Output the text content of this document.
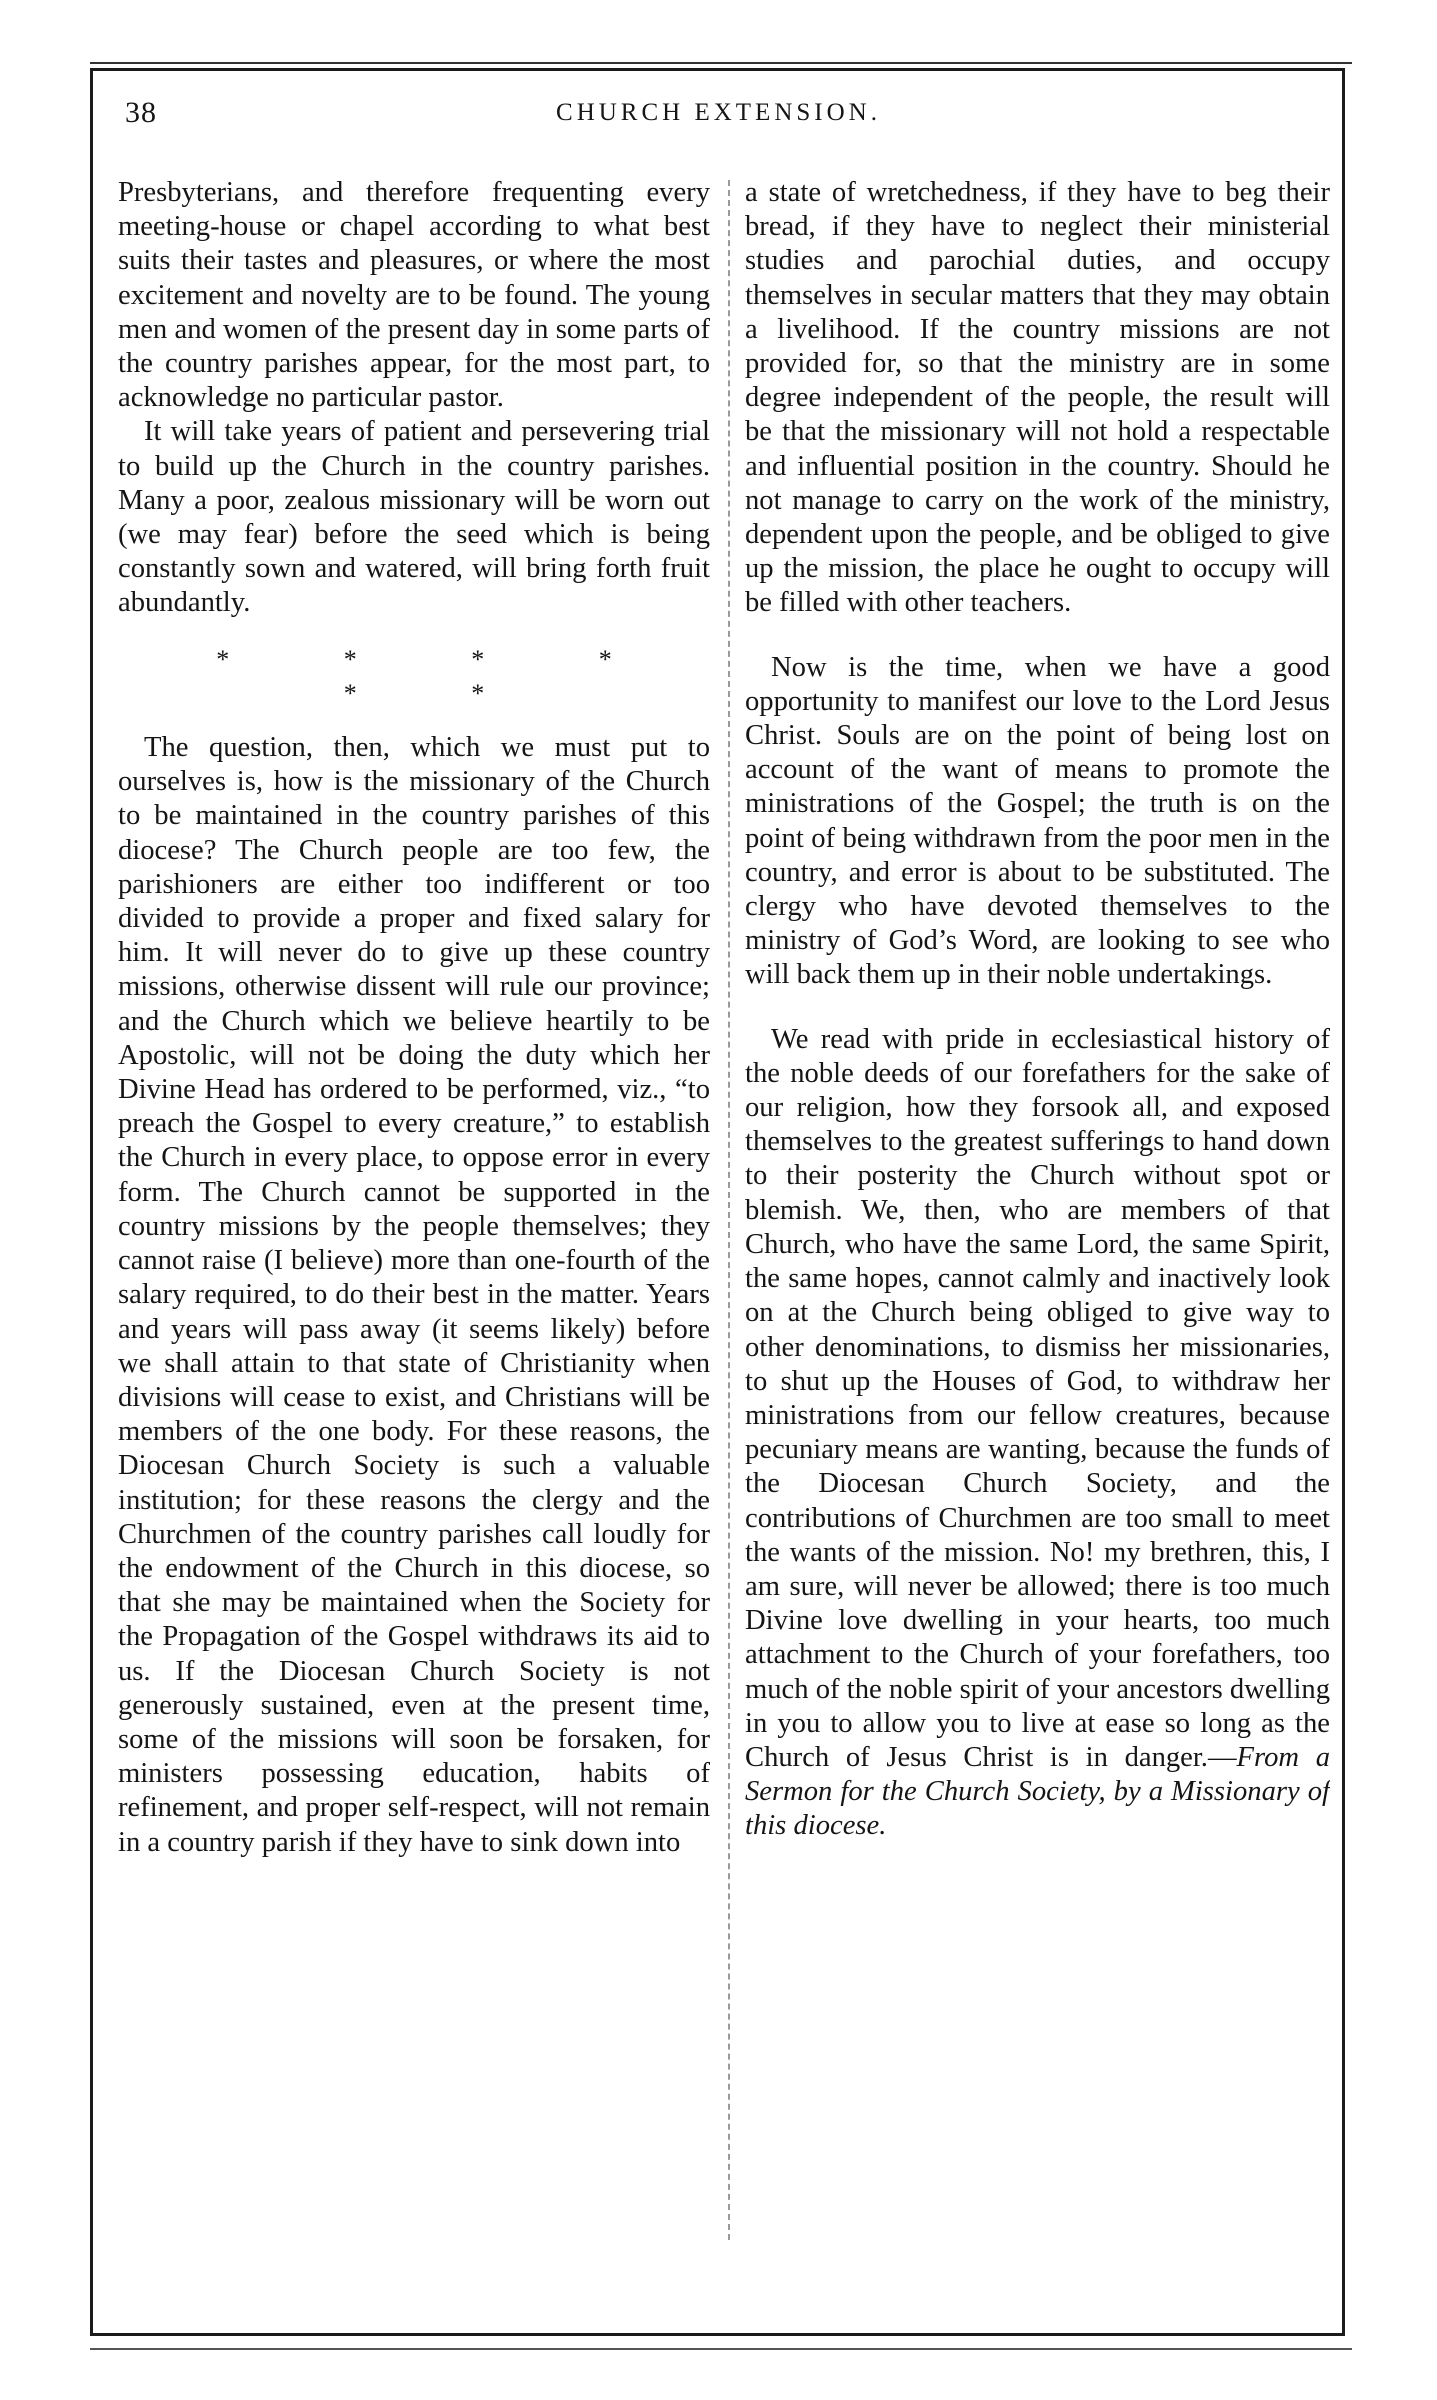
38	CHURCH EXTENSION.

Presbyterians, and therefore frequenting every meeting-house or chapel according to what best suits their tastes and pleasures, or where the most excitement and novelty are to be found. The young men and women of the present day in some parts of the country parishes appear, for the most part, to acknowledge no particular pastor.

It will take years of patient and persevering trial to build up the Church in the country parishes. Many a poor, zealous missionary will be worn out (we may fear) before the seed which is being constantly sown and watered, will bring forth fruit abundantly.

* * * * * *

The question, then, which we must put to ourselves is, how is the missionary of the Church to be maintained in the country parishes of this diocese? The Church people are too few, the parishioners are either too indifferent or too divided to provide a proper and fixed salary for him. It will never do to give up these country missions, otherwise dissent will rule our province; and the Church which we believe heartily to be Apostolic, will not be doing the duty which her Divine Head has ordered to be performed, viz., “to preach the Gospel to every creature,” to establish the Church in every place, to oppose error in every form. The Church cannot be supported in the country missions by the people themselves; they cannot raise (I believe) more than one-fourth of the salary required, to do their best in the matter. Years and years will pass away (it seems likely) before we shall attain to that state of Christianity when divisions will cease to exist, and Christians will be members of the one body. For these reasons, the Diocesan Church Society is such a valuable institution; for these reasons the clergy and the Churchmen of the country parishes call loudly for the endowment of the Church in this diocese, so that she may be maintained when the Society for the Propagation of the Gospel withdraws its aid to us. If the Diocesan Church Society is not generously sustained, even at the present time, some of the missions will soon be forsaken, for ministers possessing education, habits of refinement, and proper self-respect, will not remain in a country parish if they have to sink down into

a state of wretchedness, if they have to beg their bread, if they have to neglect their ministerial studies and parochial duties, and occupy themselves in secular matters that they may obtain a livelihood. If the country missions are not provided for, so that the ministry are in some degree independent of the people, the result will be that the missionary will not hold a respectable and influential position in the country. Should he not manage to carry on the work of the ministry, dependent upon the people, and be obliged to give up the mission, the place he ought to occupy will be filled with other teachers.

Now is the time, when we have a good opportunity to manifest our love to the Lord Jesus Christ. Souls are on the point of being lost on account of the want of means to promote the ministrations of the Gospel; the truth is on the point of being withdrawn from the poor men in the country, and error is about to be substituted. The clergy who have devoted themselves to the ministry of God’s Word, are looking to see who will back them up in their noble undertakings.

We read with pride in ecclesiastical history of the noble deeds of our forefathers for the sake of our religion, how they forsook all, and exposed themselves to the greatest sufferings to hand down to their posterity the Church without spot or blemish. We, then, who are members of that Church, who have the same Lord, the same Spirit, the same hopes, cannot calmly and inactively look on at the Church being obliged to give way to other denominations, to dismiss her missionaries, to shut up the Houses of God, to withdraw her ministrations from our fellow creatures, because pecuniary means are wanting, because the funds of the Diocesan Church Society, and the contributions of Churchmen are too small to meet the wants of the mission. No! my brethren, this, I am sure, will never be allowed; there is too much Divine love dwelling in your hearts, too much attachment to the Church of your forefathers, too much of the noble spirit of your ancestors dwelling in you to allow you to live at ease so long as the Church of Jesus Christ is in danger.—From a Sermon for the Church Society, by a Missionary of this diocese.
